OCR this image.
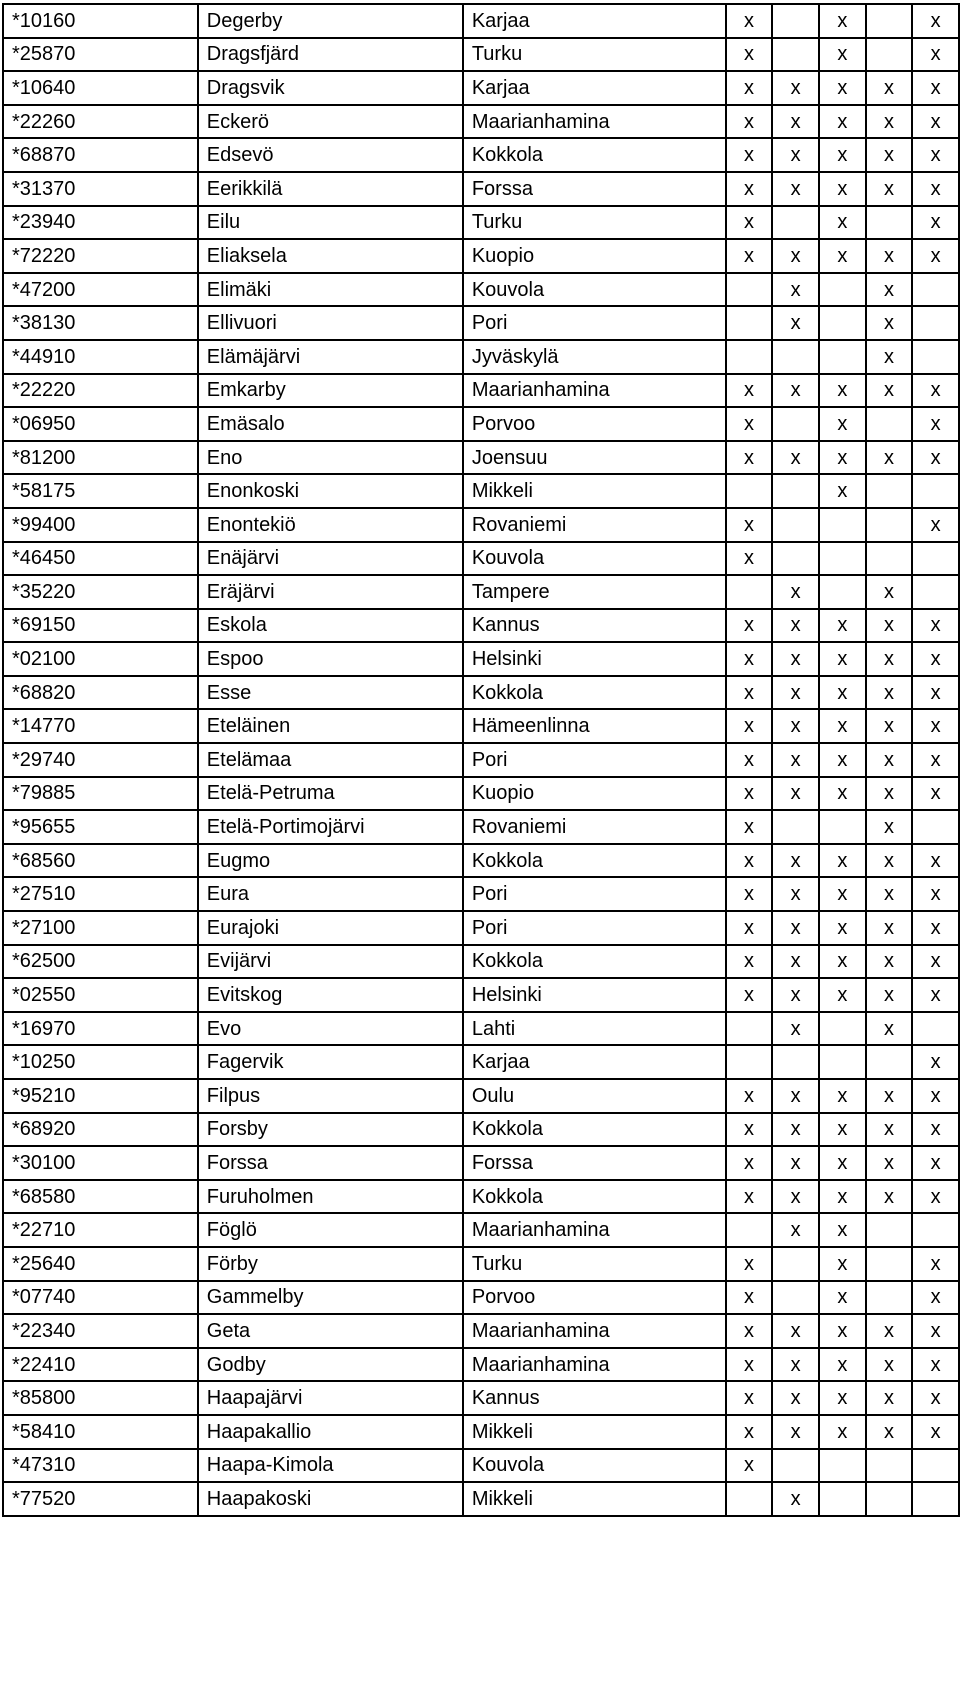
*10160	Degerby	Karjaa	x		x		x
*25870	Dragsfjärd	Turku	x		x		x
*10640	Dragsvik	Karjaa	x	x	x	x	x
*22260	Eckerö	Maarianhamina	x	x	x	x	x
*68870	Edsevö	Kokkola	x	x	x	x	x
*31370	Eerikkilä	Forssa	x	x	x	x	x
*23940	Eilu	Turku	x		x		x
*72220	Eliaksela	Kuopio	x	x	x	x	x
*47200	Elimäki	Kouvola		x		x	
*38130	Ellivuori	Pori		x		x	
*44910	Elämäjärvi	Jyväskylä				x	
*22220	Emkarby	Maarianhamina	x	x	x	x	x
*06950	Emäsalo	Porvoo	x		x		x
*81200	Eno	Joensuu	x	x	x	x	x
*58175	Enonkoski	Mikkeli			x		
*99400	Enontekiö	Rovaniemi	x				x
*46450	Enäjärvi	Kouvola	x				
*35220	Eräjärvi	Tampere		x		x	
*69150	Eskola	Kannus	x	x	x	x	x
*02100	Espoo	Helsinki	x	x	x	x	x
*68820	Esse	Kokkola	x	x	x	x	x
*14770	Eteläinen	Hämeenlinna	x	x	x	x	x
*29740	Etelämaa	Pori	x	x	x	x	x
*79885	Etelä-Petruma	Kuopio	x	x	x	x	x
*95655	Etelä-Portimojärvi	Rovaniemi	x			x	
*68560	Eugmo	Kokkola	x	x	x	x	x
*27510	Eura	Pori	x	x	x	x	x
*27100	Eurajoki	Pori	x	x	x	x	x
*62500	Evijärvi	Kokkola	x	x	x	x	x
*02550	Evitskog	Helsinki	x	x	x	x	x
*16970	Evo	Lahti		x		x	
*10250	Fagervik	Karjaa					x
*95210	Filpus	Oulu	x	x	x	x	x
*68920	Forsby	Kokkola	x	x	x	x	x
*30100	Forssa	Forssa	x	x	x	x	x
*68580	Furuholmen	Kokkola	x	x	x	x	x
*22710	Föglö	Maarianhamina		x	x		
*25640	Förby	Turku	x		x		x
*07740	Gammelby	Porvoo	x		x		x
*22340	Geta	Maarianhamina	x	x	x	x	x
*22410	Godby	Maarianhamina	x	x	x	x	x
*85800	Haapajärvi	Kannus	x	x	x	x	x
*58410	Haapakallio	Mikkeli	x	x	x	x	x
*47310	Haapa-Kimola	Kouvola	x				
*77520	Haapakoski	Mikkeli		x			
